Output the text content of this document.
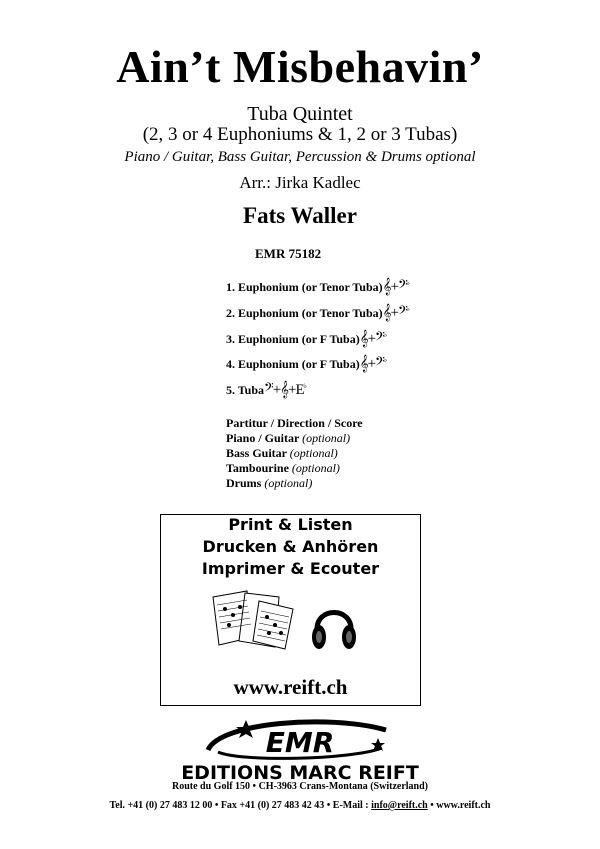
Ain’t Misbehavin’
Tuba Quintet
(2, 3 or 4 Euphoniums & 1, 2 or 3 Tubas)
Piano / Guitar, Bass Guitar, Percussion & Drums optional
Arr.: Jirka Kadlec
Fats Waller
EMR 75182
1. Euphonium (or Tenor Tuba)𝄞+𝄢♭
2. Euphonium (or Tenor Tuba)𝄞+𝄢♭
3. Euphonium (or F Tuba)𝄞+𝄢♭
4. Euphonium (or F Tuba)𝄞+𝄢♭
5. Tuba𝄢+𝄞+E♭
Partitur / Direction / Score
Piano / Guitar (optional)
Bass Guitar (optional)
Tambourine (optional)
Drums (optional)
Print & Listen
Drucken & Anhören
Imprimer & Ecouter
www.reift.ch
EMR
EDITIONS MARC REIFT
Route du Golf 150 • CH-3963 Crans-Montana (Switzerland)
Tel. +41 (0) 27 483 12 00 • Fax +41 (0) 27 483 42 43 • E-Mail : info@reift.ch • www.reift.ch
